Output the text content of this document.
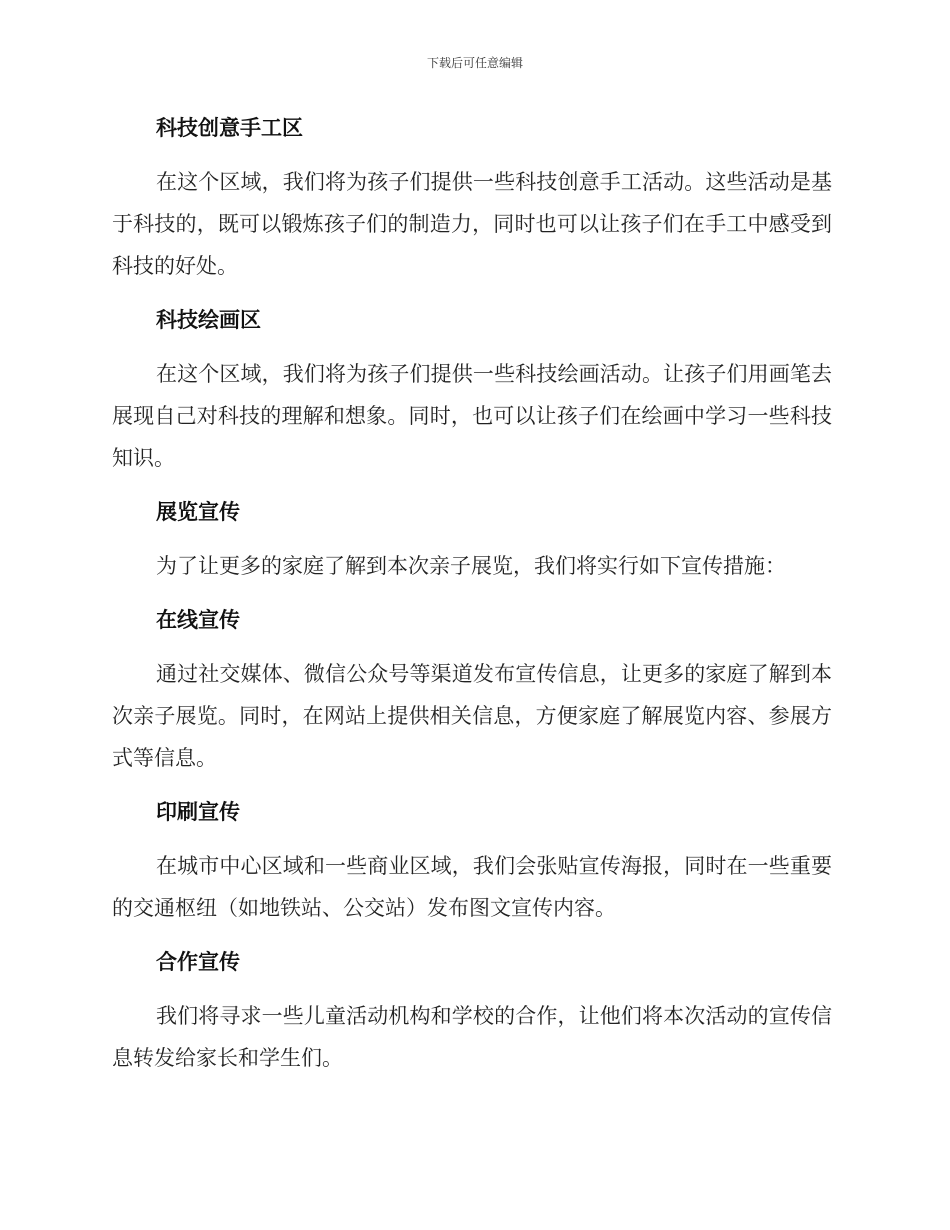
下载后可任意编辑

科技创意手工区

在这个区域，我们将为孩子们提供一些科技创意手工活动。这些活动是基于科技的，既可以锻炼孩子们的制造力，同时也可以让孩子们在手工中感受到科技的好处。

科技绘画区

在这个区域，我们将为孩子们提供一些科技绘画活动。让孩子们用画笔去展现自己对科技的理解和想象。同时，也可以让孩子们在绘画中学习一些科技知识。

展览宣传

为了让更多的家庭了解到本次亲子展览，我们将实行如下宣传措施：

在线宣传

通过社交媒体、微信公众号等渠道发布宣传信息，让更多的家庭了解到本次亲子展览。同时，在网站上提供相关信息，方便家庭了解展览内容、参展方式等信息。

印刷宣传

在城市中心区域和一些商业区域，我们会张贴宣传海报，同时在一些重要的交通枢纽（如地铁站、公交站）发布图文宣传内容。

合作宣传

我们将寻求一些儿童活动机构和学校的合作，让他们将本次活动的宣传信息转发给家长和学生们。
